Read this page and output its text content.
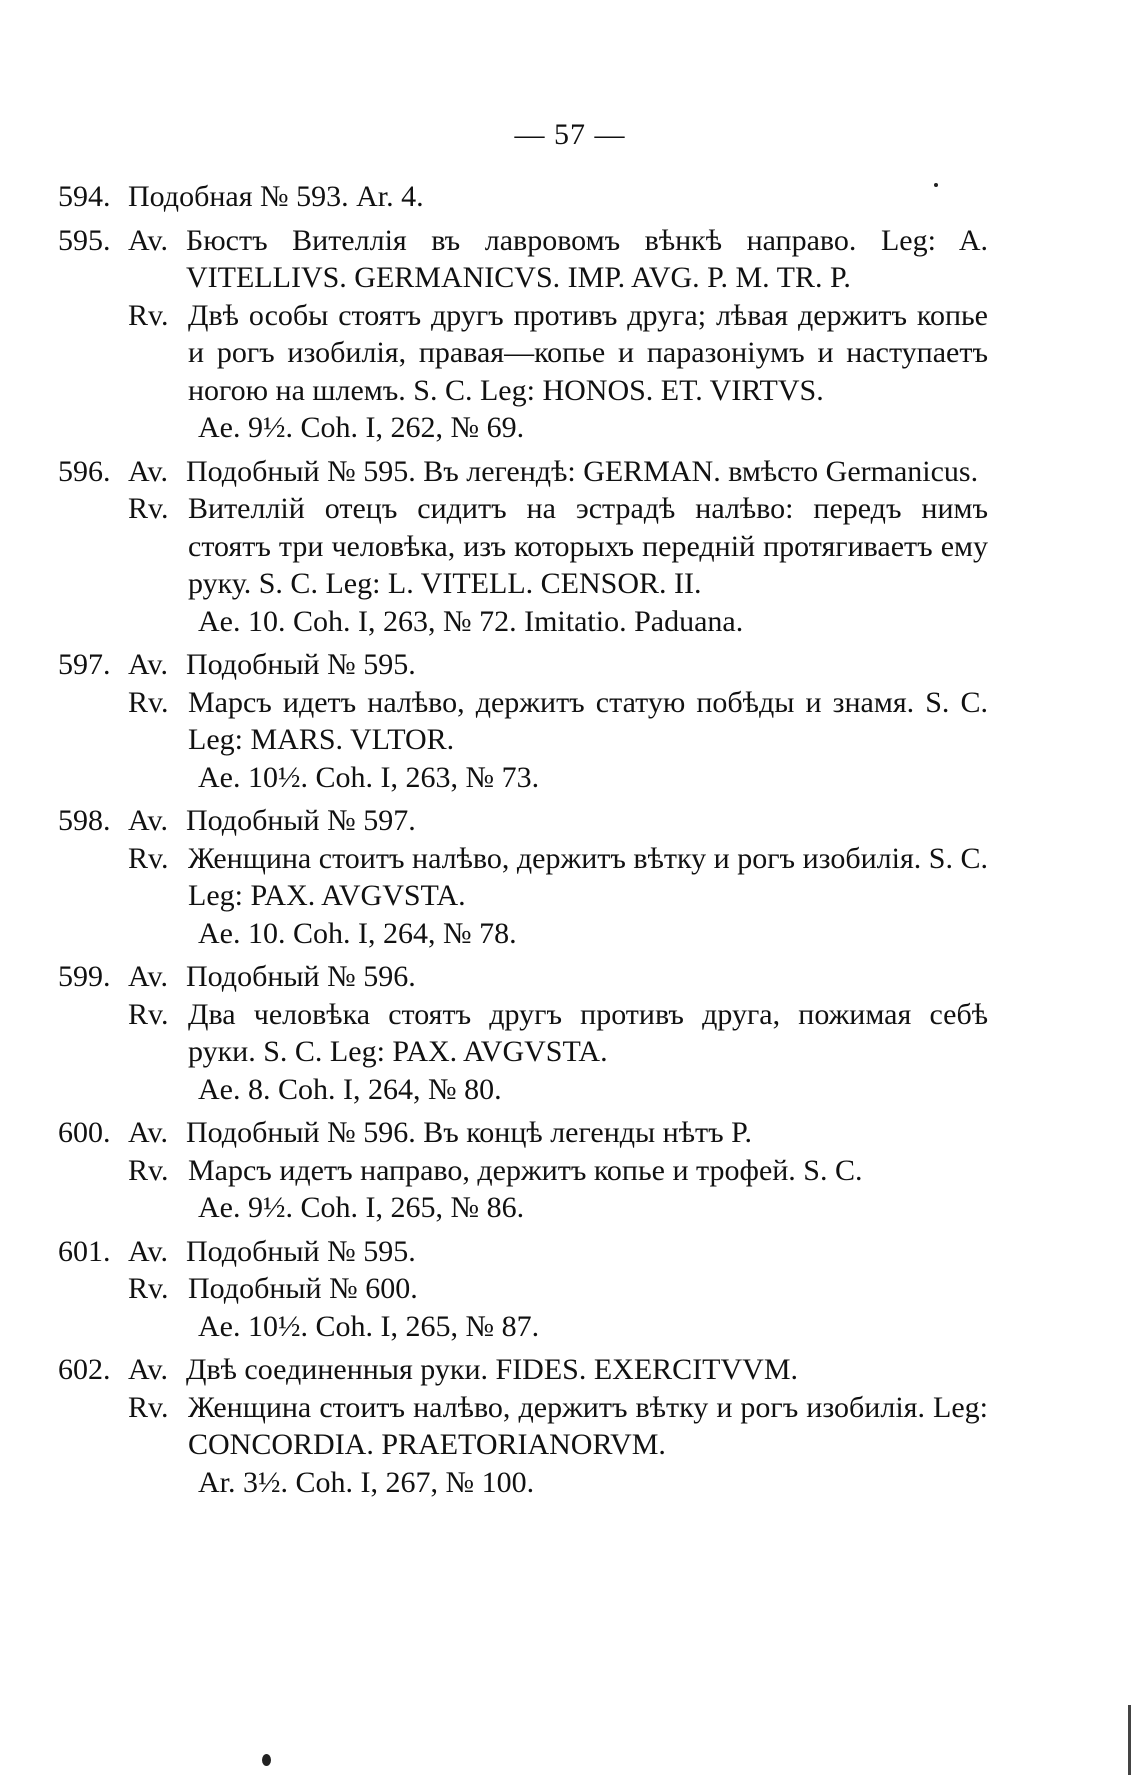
— 57 —
594. Подобная № 593. Ar. 4.
595. Av. Бюстъ Вителлія въ лавровомъ вѣнкѣ направо. Leg: A. VITELLIVS. GERMANICVS. IMP. AVG. P. M. TR. P.
Rv. Двѣ особы стоятъ другъ противъ друга; лѣвая держитъ копье и рогъ изобилія, правая—копье и паразоніумъ и наступаетъ ногою на шлемъ. S. C. Leg: HONOS. ET. VIRTVS.
Ae. 9½. Coh. I, 262, № 69.
596. Av. Подобный № 595. Въ легендѣ: GERMAN. вмѣсто Germanicus.
Rv. Вителлій отецъ сидитъ на эстрадѣ налѣво: передъ нимъ стоятъ три человѣка, изъ которыхъ передній протягиваетъ ему руку. S. C. Leg: L. VITELL. CENSOR. II.
Ae. 10. Coh. I, 263, № 72. Imitatio. Paduana.
597. Av. Подобный № 595.
Rv. Марсъ идетъ налѣво, держитъ статую побѣды и знамя. S. C. Leg: MARS. VLTOR.
Ae. 10½. Coh. I, 263, № 73.
598. Av. Подобный № 597.
Rv. Женщина стоитъ налѣво, держитъ вѣтку и рогъ изобилія. S. C. Leg: PAX. AVGVSTA.
Ae. 10. Coh. I, 264, № 78.
599. Av. Подобный № 596.
Rv. Два человѣка стоятъ другъ противъ друга, пожимая себѣ руки. S. C. Leg: PAX. AVGVSTA.
Ae. 8. Coh. I, 264, № 80.
600. Av. Подобный № 596. Въ концѣ легенды нѣтъ P.
Rv. Марсъ идетъ направо, держитъ копье и трофей. S. C.
Ae. 9½. Coh. I, 265, № 86.
601. Av. Подобный № 595.
Rv. Подобный № 600.
Ae. 10½. Coh. I, 265, № 87.
602. Av. Двѣ соединенныя руки. FIDES. EXERCITVVM.
Rv. Женщина стоитъ налѣво, держитъ вѣтку и рогъ изобилія. Leg: CONCORDIA. PRAETORIANORVM.
Ar. 3½. Coh. I, 267, № 100.
